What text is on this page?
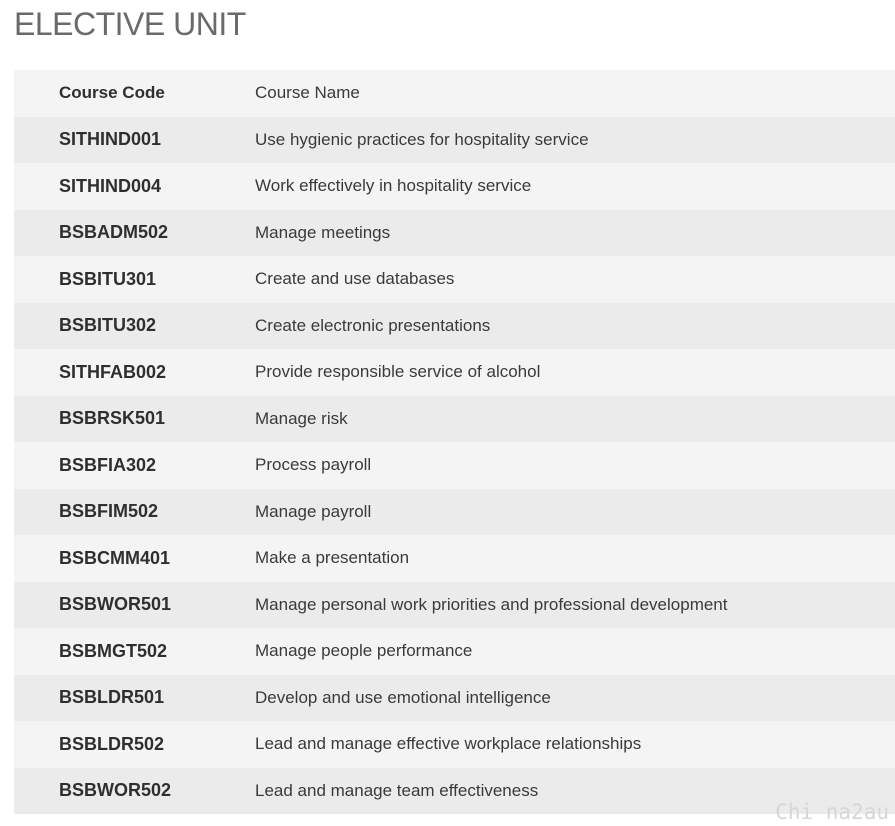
ELECTIVE UNIT
Course Code	Course Name
SITHIND001	Use hygienic practices for hospitality service
SITHIND004	Work effectively in hospitality service
BSBADM502	Manage meetings
BSBITU301	Create and use databases
BSBITU302	Create electronic presentations
SITHFAB002	Provide responsible service of alcohol
BSBRSK501	Manage risk
BSBFIA302	Process payroll
BSBFIM502	Manage payroll
BSBCMM401	Make a presentation
BSBWOR501	Manage personal work priorities and professional development
BSBMGT502	Manage people performance
BSBLDR501	Develop and use emotional intelligence
BSBLDR502	Lead and manage effective workplace relationships
BSBWOR502	Lead and manage team effectiveness
Chi na2au
